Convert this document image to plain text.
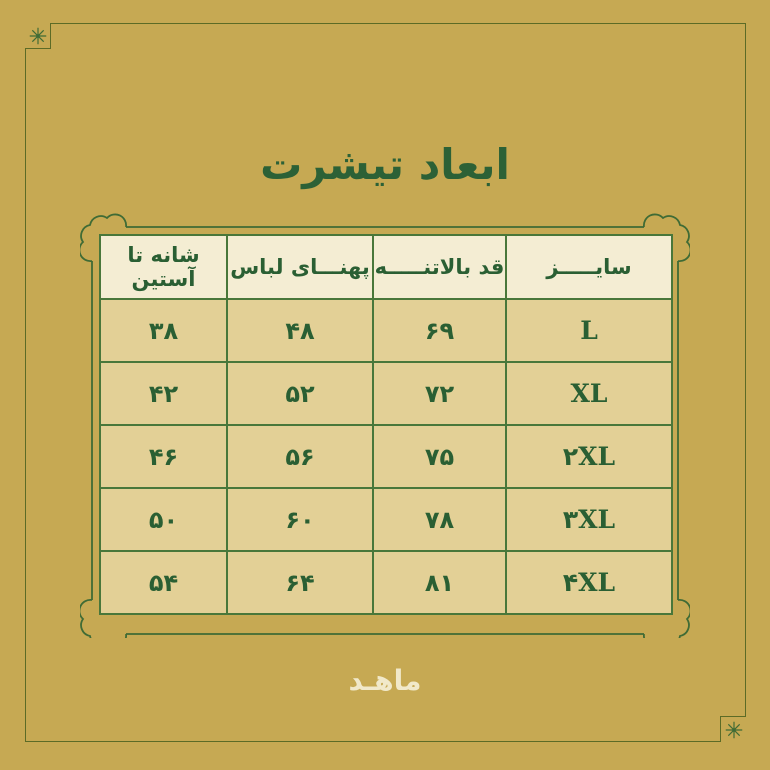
ابعاد تیشرت
سایـــــز	قد بالاتنـــــه	پهنـــای لباس	شانه تا آستین
L	۶۹	۴۸	۳۸
XL	۷۲	۵۲	۴۲
۲XL	۷۵	۵۶	۴۶
۳XL	۷۸	۶۰	۵۰
۴XL	۸۱	۶۴	۵۴
ماهـد
